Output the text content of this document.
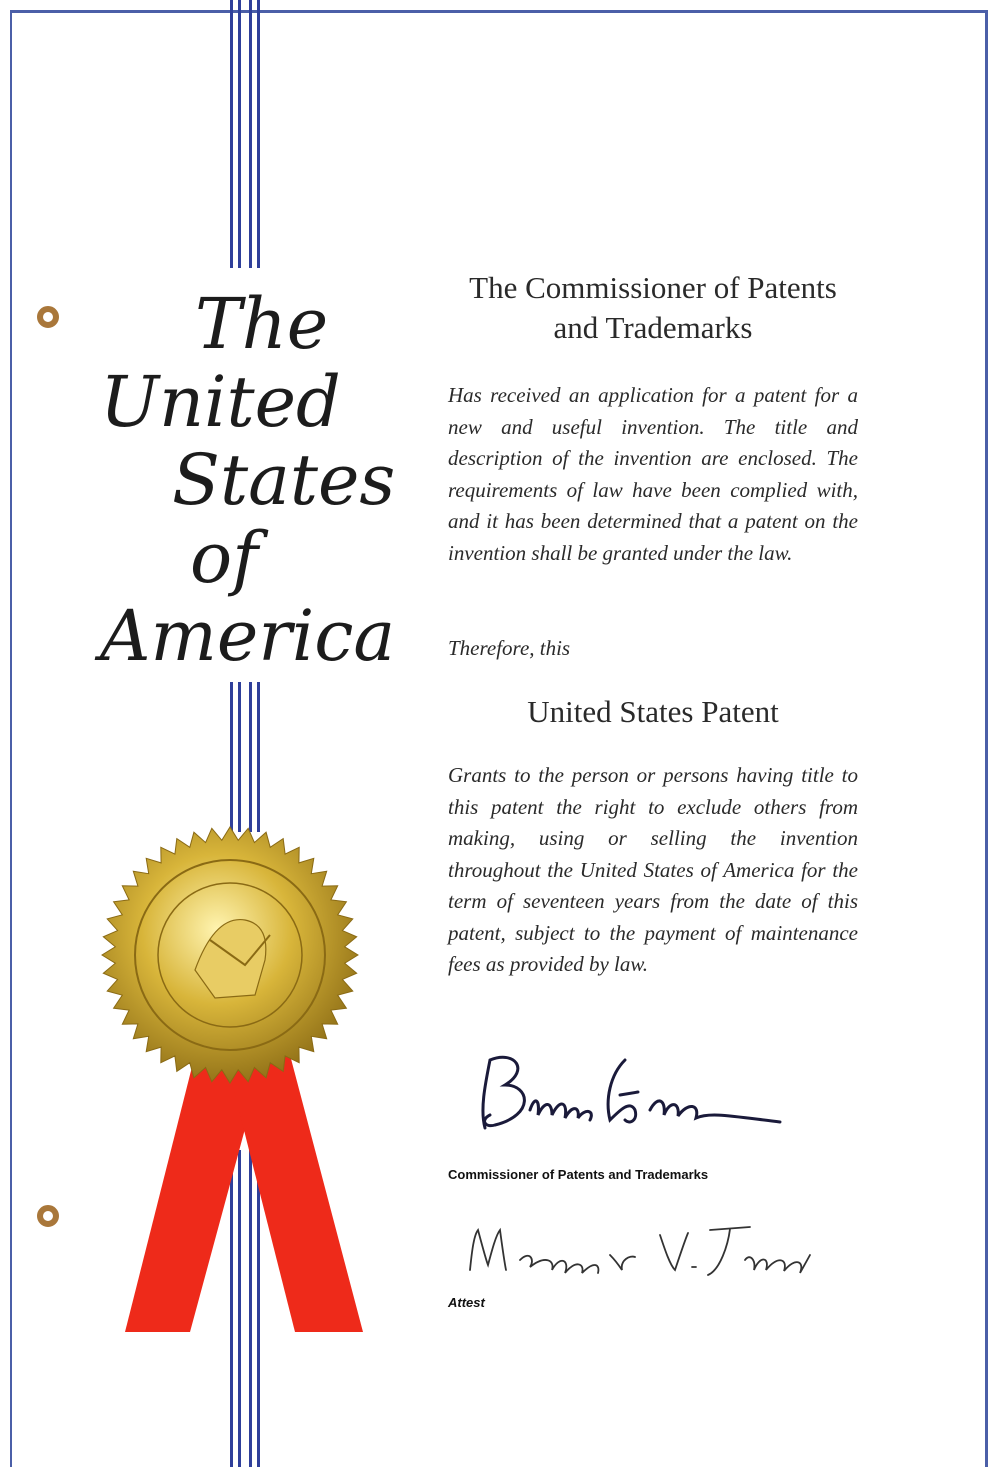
The
United
States
of
America
The Commissioner of Patents
and Trademarks
Has received an application for a patent for a new and useful invention. The title and description of the invention are enclosed. The requirements of law have been complied with, and it has been determined that a patent on the invention shall be granted under the law.
Therefore, this
United States Patent
Grants to the person or persons having title to this patent the right to exclude others from making, using or selling the invention throughout the United States of America for the term of seventeen years from the date of this patent, subject to the payment of maintenance fees as provided by law.
Commissioner of Patents and Trademarks
Attest
